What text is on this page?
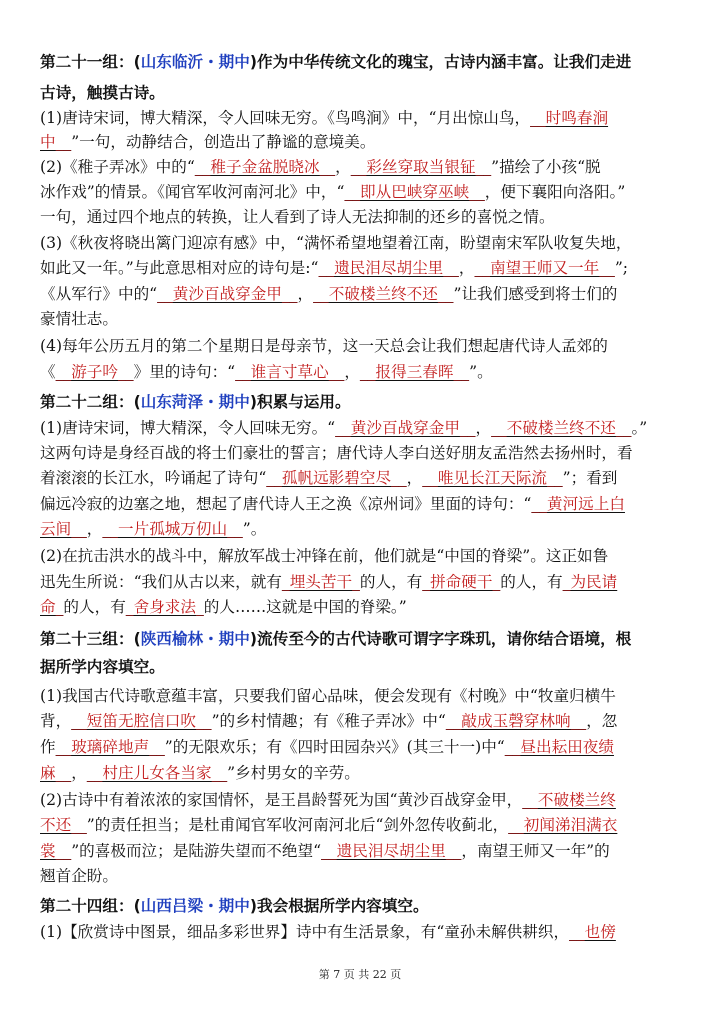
第二十一组：(山东临沂・期中)作为中华传统文化的瑰宝，古诗内涵丰富。让我们走进
古诗，触摸古诗。
(1)唐诗宋词，博大精深，令人回味无穷。《鸟鸣涧》中，“月出惊山鸟，__时鸣春涧
中__”一句，动静结合，创造出了静谧的意境美。
(2)《稚子弄冰》中的“__稚子金盆脱晓冰__，__彩丝穿取当银钲__”描绘了小孩“脱
冰作戏”的情景。《闻官军收河南河北》中，“__即从巴峡穿巫峡__，便下襄阳向洛阳。”
一句，通过四个地点的转换，让人看到了诗人无法抑制的还乡的喜悦之情。
(3)《秋夜将晓出篱门迎凉有感》中，“满怀希望地望着江南，盼望南宋军队收复失地，
如此又一年。”与此意思相对应的诗句是:“__遗民泪尽胡尘里__，__南望王师又一年__”;
《从军行》中的“__黄沙百战穿金甲__，__不破楼兰终不还__”让我们感受到将士们的
豪情壮志。
(4)每年公历五月的第二个星期日是母亲节，这一天总会让我们想起唐代诗人孟郊的
《__游子吟__》里的诗句：“__谁言寸草心__，__报得三春晖__”。
第二十二组：(山东菏泽・期中)积累与运用。
(1)唐诗宋词，博大精深，令人回味无穷。“__黄沙百战穿金甲__，__不破楼兰终不还__。”
这两句诗是身经百战的将士们豪壮的誓言；唐代诗人李白送好朋友孟浩然去扬州时，看
着滚滚的长江水，吟诵起了诗句“__孤帆远影碧空尽__，__唯见长江天际流__”；看到
偏远冷寂的边塞之地，想起了唐代诗人王之涣《凉州词》里面的诗句：“__黄河远上白
云间__，__一片孤城万仞山__”。
(2)在抗击洪水的战斗中，解放军战士冲锋在前，他们就是“中国的脊梁”。这正如鲁
迅先生所说：“我们从古以来，就有_埋头苦干_的人，有_拼命硬干_的人，有_为民请
命_的人，有_舍身求法_的人……这就是中国的脊梁。”
第二十三组：(陕西榆林・期中)流传至今的古代诗歌可谓字字珠玑，请你结合语境，根
据所学内容填空。
(1)我国古代诗歌意蕴丰富，只要我们留心品味，便会发现有《村晚》中“牧童归横牛
背，__短笛无腔信口吹__”的乡村情趣；有《稚子弄冰》中“__敲成玉磬穿林响__，忽
作__玻璃碎地声__”的无限欢乐；有《四时田园杂兴》(其三十一)中“__昼出耘田夜绩
麻__，__村庄儿女各当家__”乡村男女的辛劳。
(2)古诗中有着浓浓的家国情怀，是王昌龄誓死为国“黄沙百战穿金甲，__不破楼兰终
不还__”的责任担当；是杜甫闻官军收河南河北后“剑外忽传收蓟北，__初闻涕泪满衣
裳__”的喜极而泣；是陆游失望而不绝望“__遗民泪尽胡尘里__，南望王师又一年”的
翘首企盼。
第二十四组：(山西吕梁・期中)我会根据所学内容填空。
(1)【欣赏诗中图景，细品多彩世界】诗中有生活景象，有“童孙未解供耕织，__也傍
第 7 页 共 22 页
